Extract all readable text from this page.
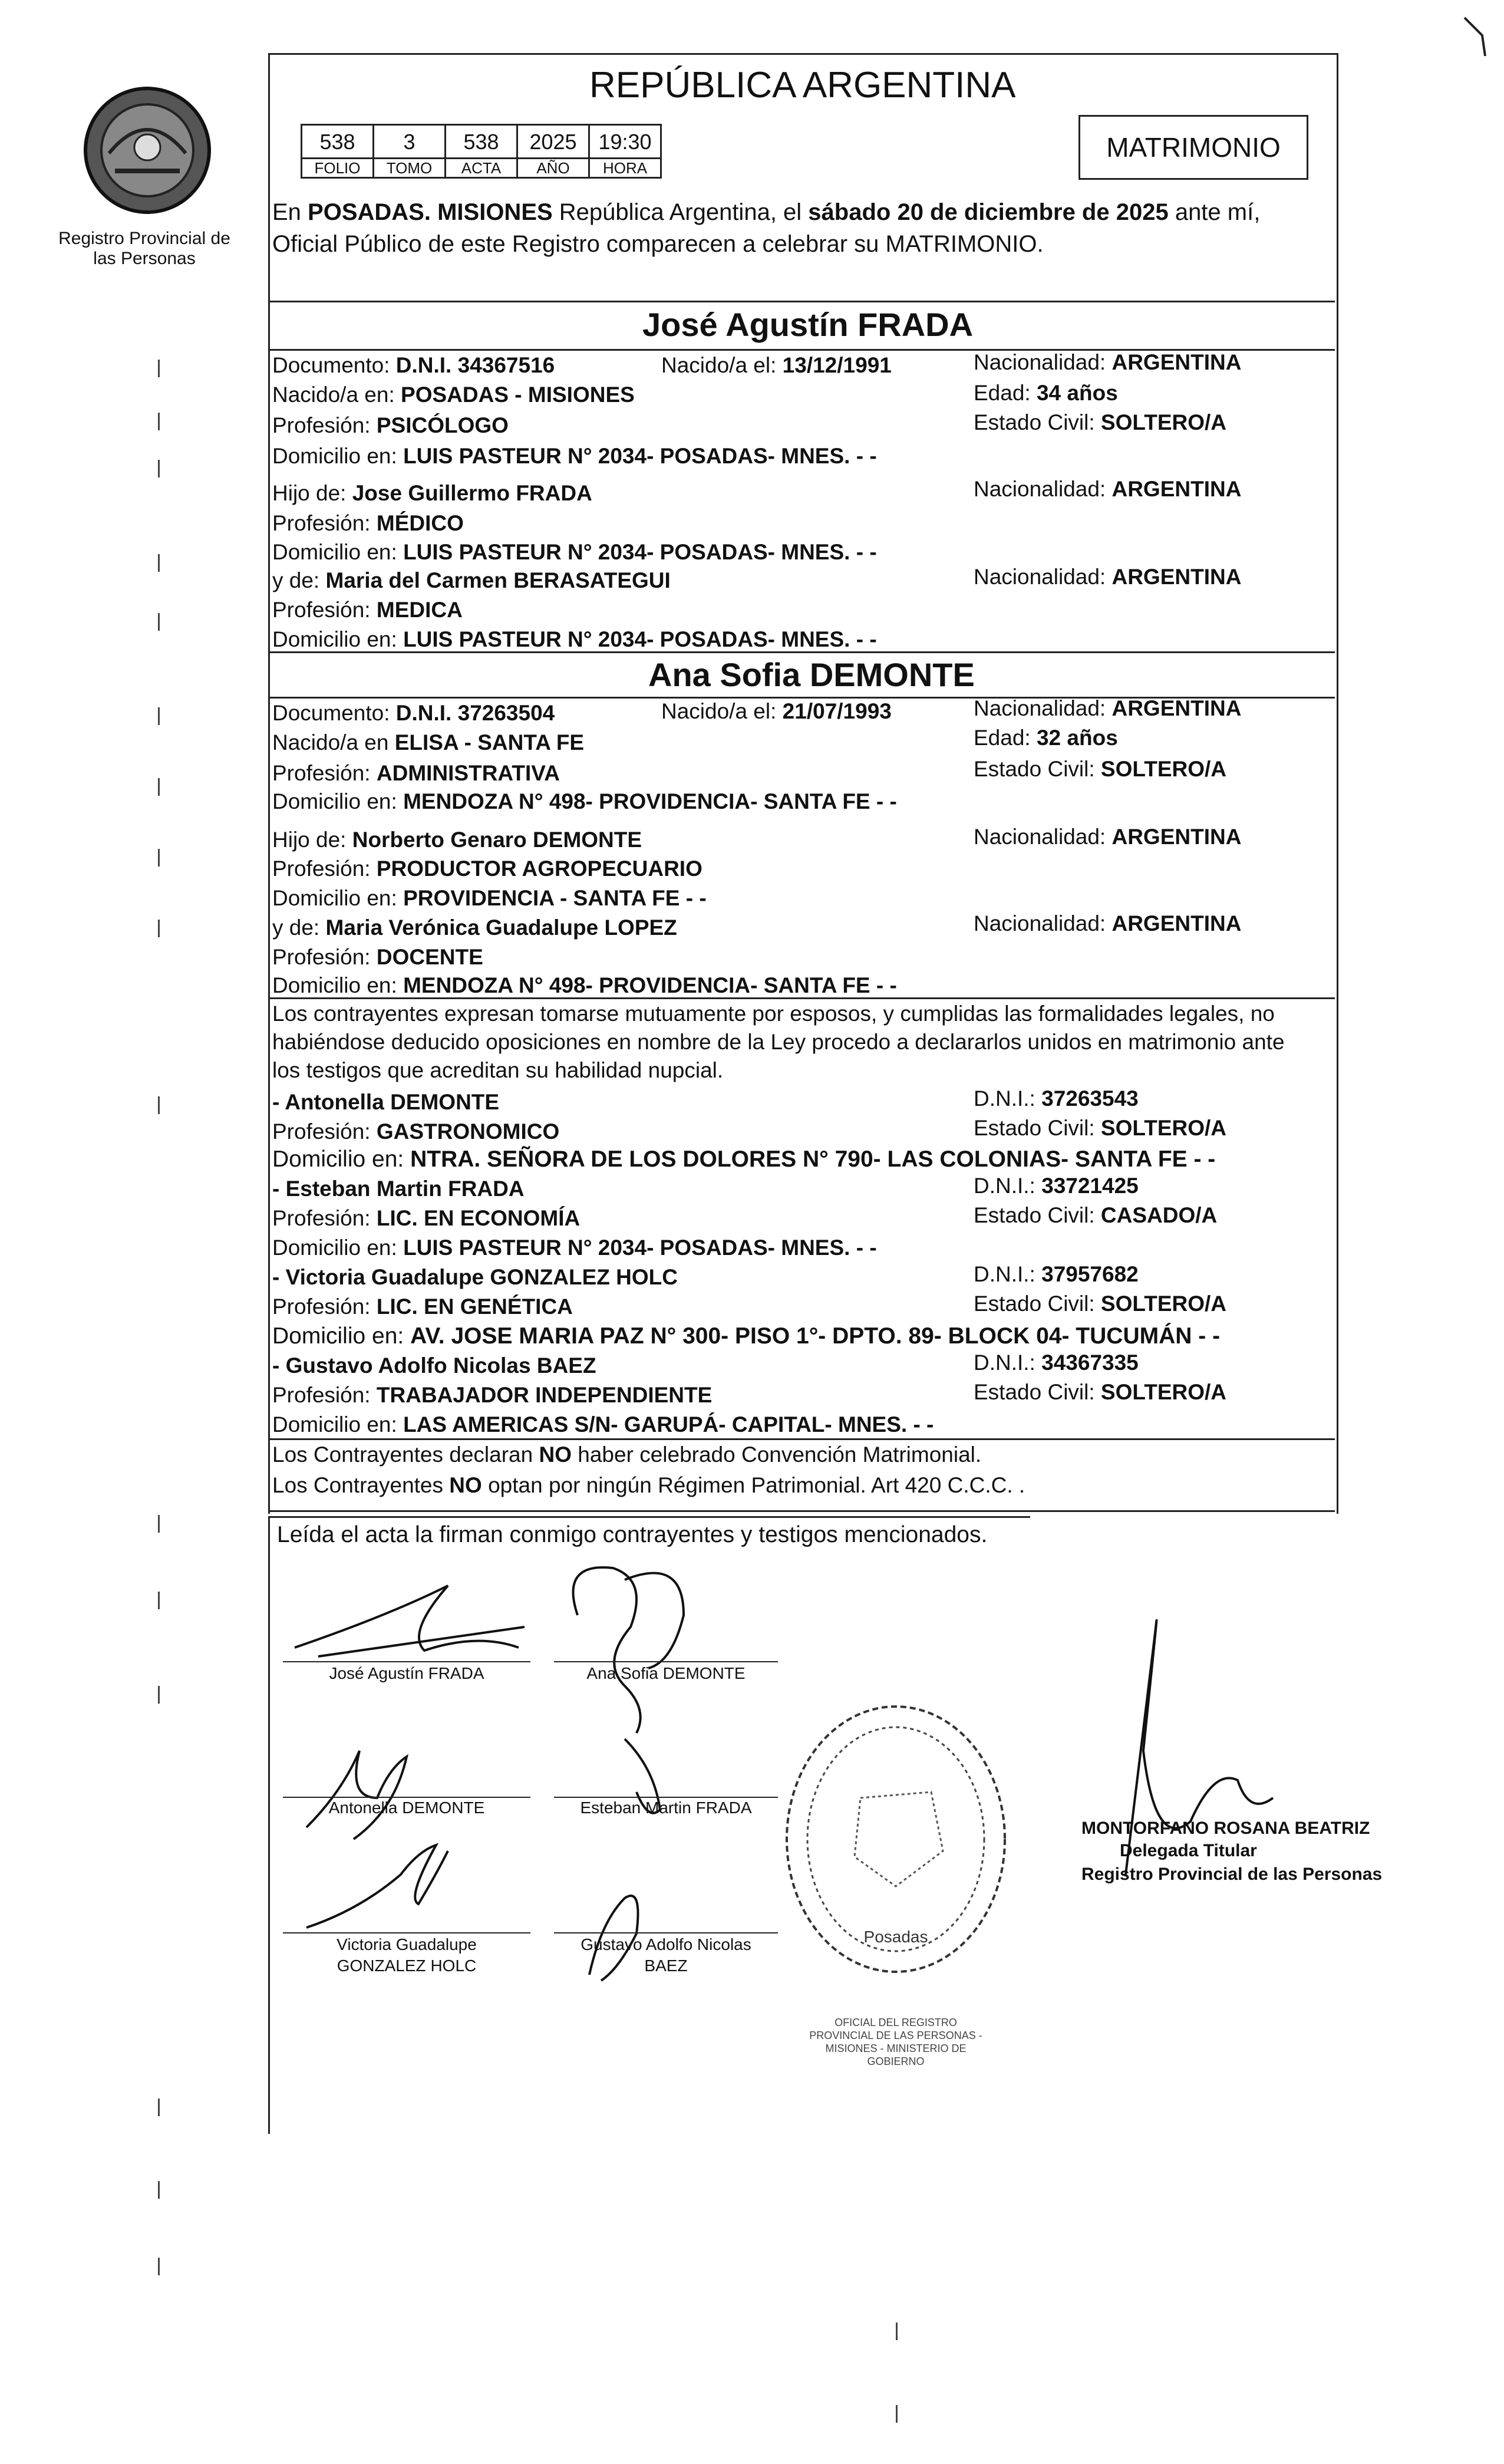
Registro Provincial de las Personas
REPÚBLICA ARGENTINA
538	3	538	2025	19:30
FOLIO	TOMO	ACTA	AÑO	HORA
MATRIMONIO
En POSADAS. MISIONES República Argentina, el sábado 20 de diciembre de 2025 ante mí,
Oficial Público de este Registro comparecen a celebrar su MATRIMONIO.
José Agustín FRADA
Documento: D.N.I. 34367516	Nacido/a el: 13/12/1991	Nacionalidad: ARGENTINA
Nacido/a en: POSADAS - MISIONES	Edad: 34 años
Profesión: PSICÓLOGO	Estado Civil: SOLTERO/A
Domicilio en: LUIS PASTEUR N° 2034- POSADAS- MNES. - -
Hijo de: Jose Guillermo FRADA	Nacionalidad: ARGENTINA
Profesión: MÉDICO
Domicilio en: LUIS PASTEUR N° 2034- POSADAS- MNES. - -
y de: Maria del Carmen BERASATEGUI	Nacionalidad: ARGENTINA
Profesión: MEDICA
Domicilio en: LUIS PASTEUR N° 2034- POSADAS- MNES. - -
Ana Sofia DEMONTE
Documento: D.N.I. 37263504	Nacido/a el: 21/07/1993	Nacionalidad: ARGENTINA
Nacido/a en ELISA - SANTA FE	Edad: 32 años
Profesión: ADMINISTRATIVA	Estado Civil: SOLTERO/A
Domicilio en: MENDOZA N° 498- PROVIDENCIA- SANTA FE - -
Hijo de: Norberto Genaro DEMONTE	Nacionalidad: ARGENTINA
Profesión: PRODUCTOR AGROPECUARIO
Domicilio en: PROVIDENCIA - SANTA FE - -
y de: Maria Verónica Guadalupe LOPEZ	Nacionalidad: ARGENTINA
Profesión: DOCENTE
Domicilio en: MENDOZA N° 498- PROVIDENCIA- SANTA FE - -
Los contrayentes expresan tomarse mutuamente por esposos, y cumplidas las formalidades legales, no
habiéndose deducido oposiciones en nombre de la Ley procedo a declararlos unidos en matrimonio ante
los testigos que acreditan su habilidad nupcial.
- Antonella DEMONTE	D.N.I.: 37263543
Profesión: GASTRONOMICO	Estado Civil: SOLTERO/A
Domicilio en: NTRA. SEÑORA DE LOS DOLORES N° 790- LAS COLONIAS- SANTA FE - -
- Esteban Martin FRADA	D.N.I.: 33721425
Profesión: LIC. EN ECONOMÍA	Estado Civil: CASADO/A
Domicilio en: LUIS PASTEUR N° 2034- POSADAS- MNES. - -
- Victoria Guadalupe GONZALEZ HOLC	D.N.I.: 37957682
Profesión: LIC. EN GENÉTICA	Estado Civil: SOLTERO/A
Domicilio en: AV. JOSE MARIA PAZ N° 300- PISO 1°- DPTO. 89- BLOCK 04- TUCUMÁN - -
- Gustavo Adolfo Nicolas BAEZ	D.N.I.: 34367335
Profesión: TRABAJADOR INDEPENDIENTE	Estado Civil: SOLTERO/A
Domicilio en: LAS AMERICAS S/N- GARUPÁ- CAPITAL- MNES. - -
Los Contrayentes declaran NO haber celebrado Convención Matrimonial.
Los Contrayentes NO optan por ningún Régimen Patrimonial. Art 420 C.C.C. .
Leída el acta la firman conmigo contrayentes y testigos mencionados.
José Agustín FRADA	Ana Sofia DEMONTE
Antonella DEMONTE	Esteban Martin FRADA
Victoria Guadalupe
GONZALEZ HOLC
Gustavo Adolfo Nicolas
BAEZ
Posadas
OFICIAL DEL REGISTRO PROVINCIAL DE LAS PERSONAS - MISIONES - MINISTERIO DE GOBIERNO
MONTORFANO ROSANA BEATRIZ
Delegada Titular
Registro Provincial de las Personas
